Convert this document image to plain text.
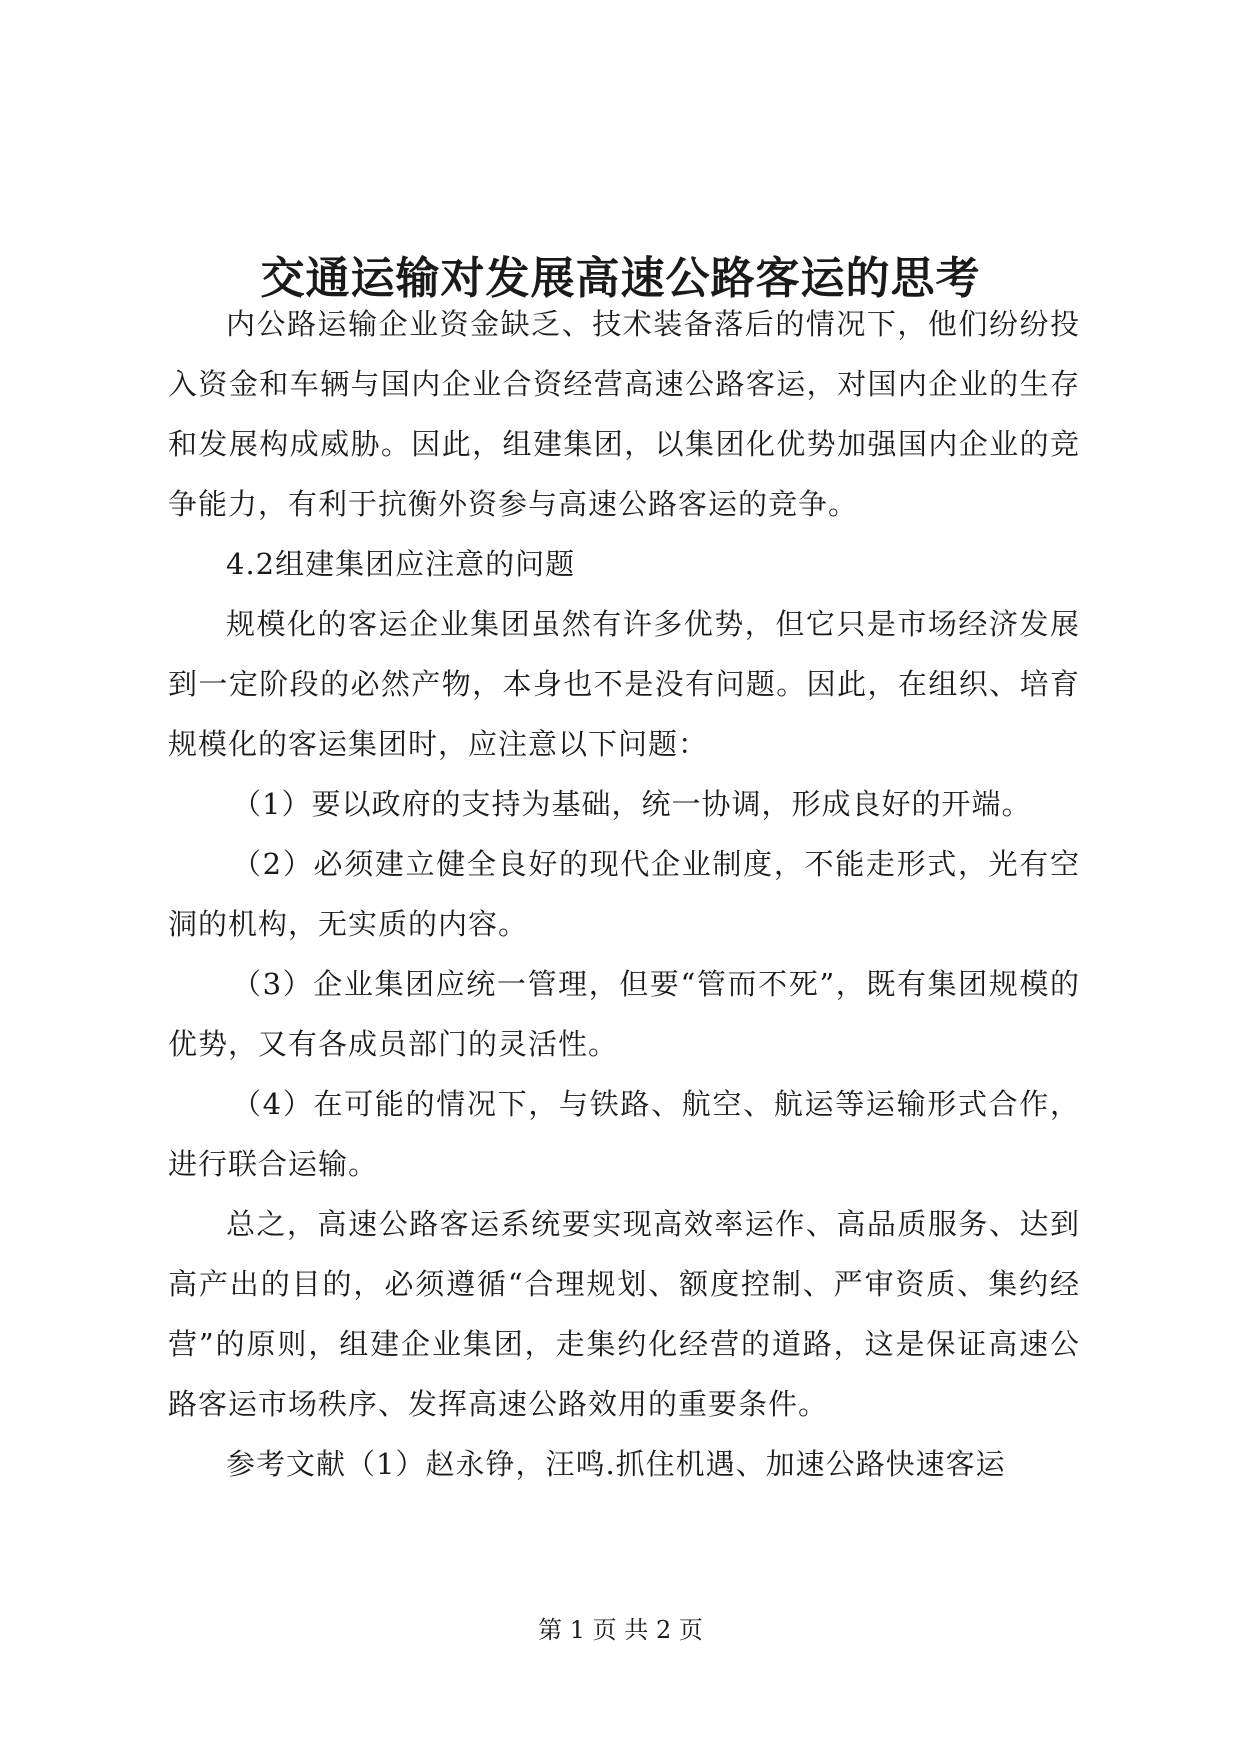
交通运输对发展高速公路客运的思考

内公路运输企业资金缺乏、技术装备落后的情况下，他们纷纷投入资金和车辆与国内企业合资经营高速公路客运，对国内企业的生存和发展构成威胁。因此，组建集团，以集团化优势加强国内企业的竞争能力，有利于抗衡外资参与高速公路客运的竞争。

4.2组建集团应注意的问题

规模化的客运企业集团虽然有许多优势，但它只是市场经济发展到一定阶段的必然产物，本身也不是没有问题。因此，在组织、培育规模化的客运集团时，应注意以下问题：

（1）要以政府的支持为基础，统一协调，形成良好的开端。

（2）必须建立健全良好的现代企业制度，不能走形式，光有空洞的机构，无实质的内容。

（3）企业集团应统一管理，但要“管而不死”，既有集团规模的优势，又有各成员部门的灵活性。

（4）在可能的情况下，与铁路、航空、航运等运输形式合作，进行联合运输。

总之，高速公路客运系统要实现高效率运作、高品质服务、达到高产出的目的，必须遵循“合理规划、额度控制、严审资质、集约经营”的原则，组建企业集团，走集约化经营的道路，这是保证高速公路客运市场秩序、发挥高速公路效用的重要条件。

参考文献（1）赵永铮，汪鸣.抓住机遇、加速公路快速客运

第 1 页 共 2 页
